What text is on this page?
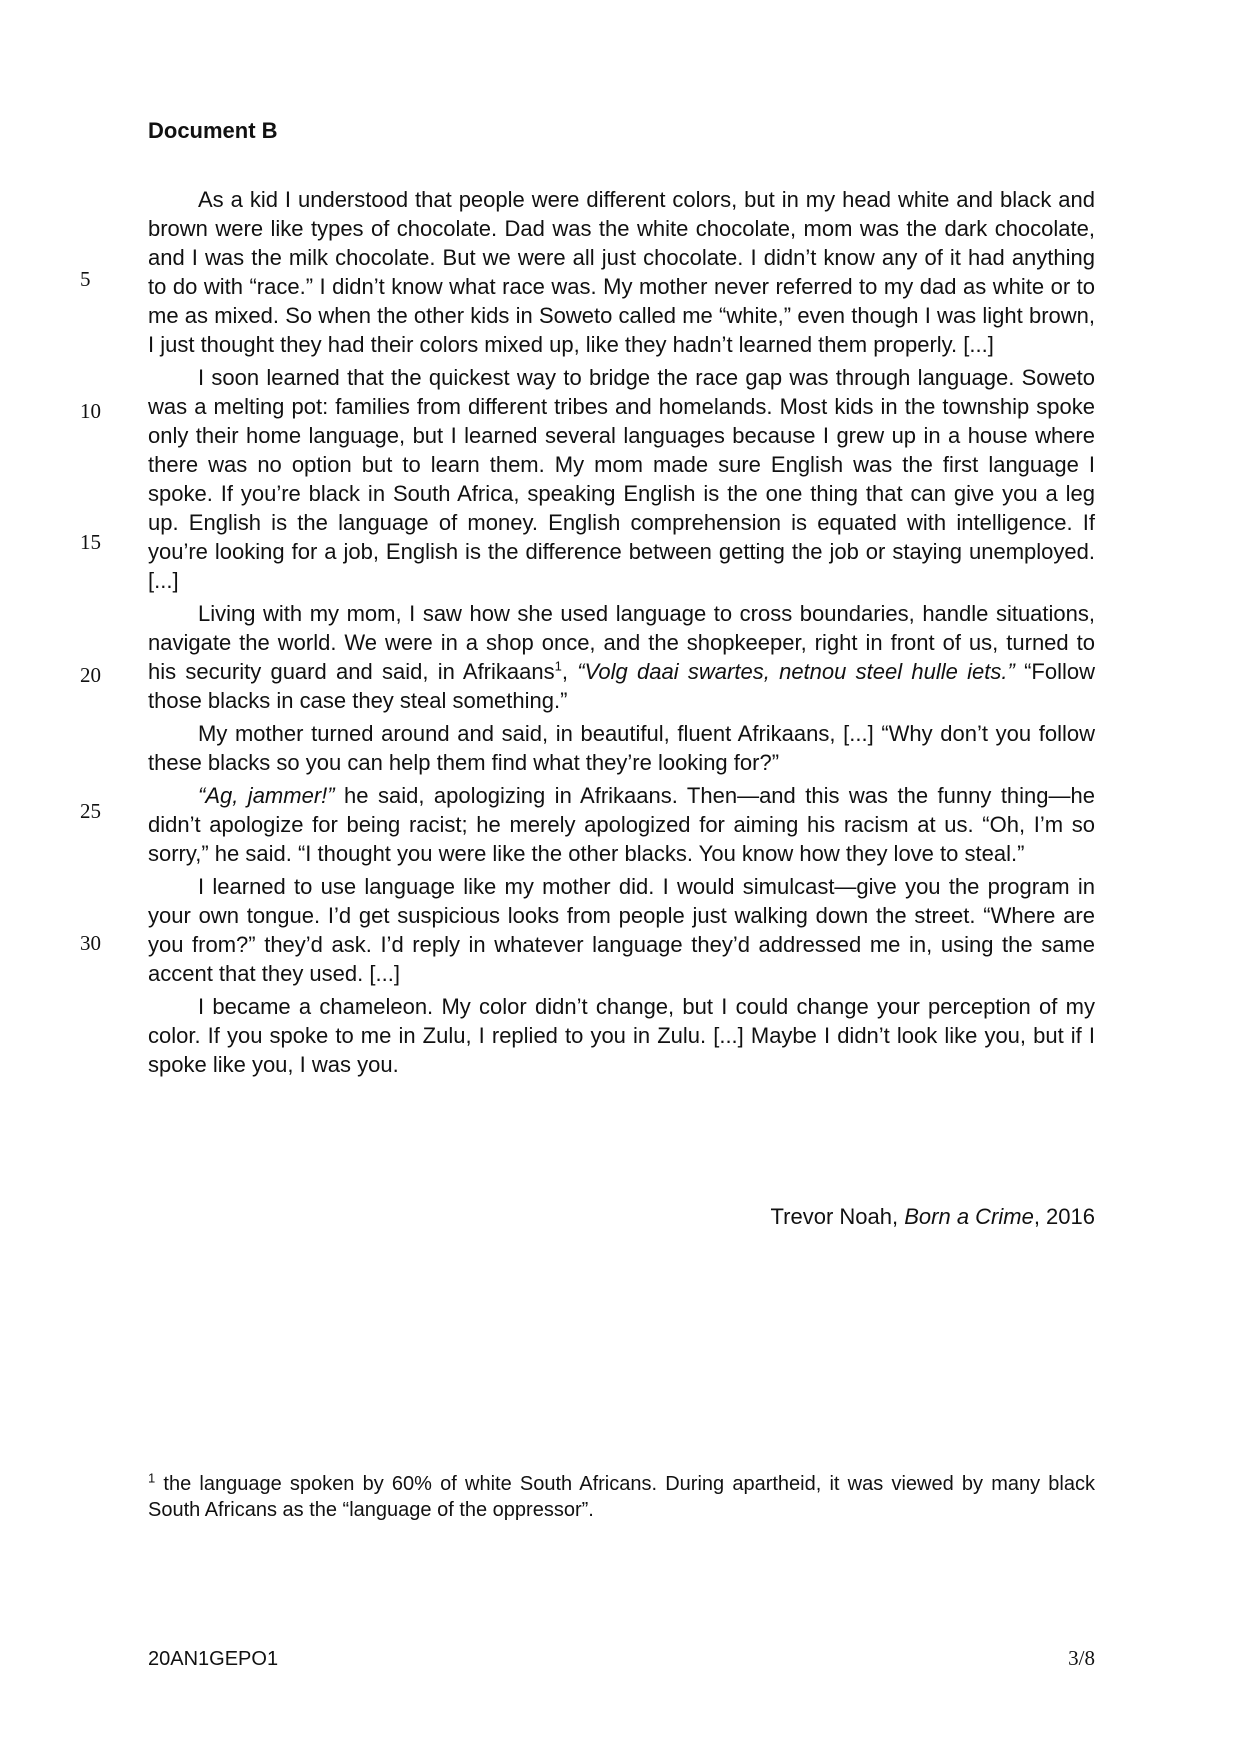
Document B
5
10
15
20
25
30

As a kid I understood that people were different colors, but in my head white and black and brown were like types of chocolate. Dad was the white chocolate, mom was the dark chocolate, and I was the milk chocolate. But we were all just chocolate. I didn’t know any of it had anything to do with “race.” I didn’t know what race was. My mother never referred to my dad as white or to me as mixed. So when the other kids in Soweto called me “white,” even though I was light brown, I just thought they had their colors mixed up, like they hadn’t learned them properly. [...]

I soon learned that the quickest way to bridge the race gap was through language. Soweto was a melting pot: families from different tribes and homelands. Most kids in the township spoke only their home language, but I learned several languages because I grew up in a house where there was no option but to learn them. My mom made sure English was the first language I spoke. If you’re black in South Africa, speaking English is the one thing that can give you a leg up. English is the language of money. English comprehension is equated with intelligence. If you’re looking for a job, English is the difference between getting the job or staying unemployed. [...]

Living with my mom, I saw how she used language to cross boundaries, handle situations, navigate the world. We were in a shop once, and the shopkeeper, right in front of us, turned to his security guard and said, in Afrikaans$^1$, “Volg daai swartes, netnou steel hulle iets.” “Follow those blacks in case they steal something.”

My mother turned around and said, in beautiful, fluent Afrikaans, [...] “Why don’t you follow these blacks so you can help them find what they’re looking for?”

“Ag, jammer!” he said, apologizing in Afrikaans. Then—and this was the funny thing—he didn’t apologize for being racist; he merely apologized for aiming his racism at us. “Oh, I’m so sorry,” he said. “I thought you were like the other blacks. You know how they love to steal.”

I learned to use language like my mother did. I would simulcast—give you the program in your own tongue. I’d get suspicious looks from people just walking down the street. “Where are you from?” they’d ask. I’d reply in whatever language they’d addressed me in, using the same accent that they used. [...]

I became a chameleon. My color didn’t change, but I could change your perception of my color. If you spoke to me in Zulu, I replied to you in Zulu. [...] Maybe I didn’t look like you, but if I spoke like you, I was you.

Trevor Noah, Born a Crime, 2016
$^1$ the language spoken by 60% of white South Africans. During apartheid, it was viewed by many black South Africans as the “language of the oppressor”.
20AN1GEPO1	3/8
